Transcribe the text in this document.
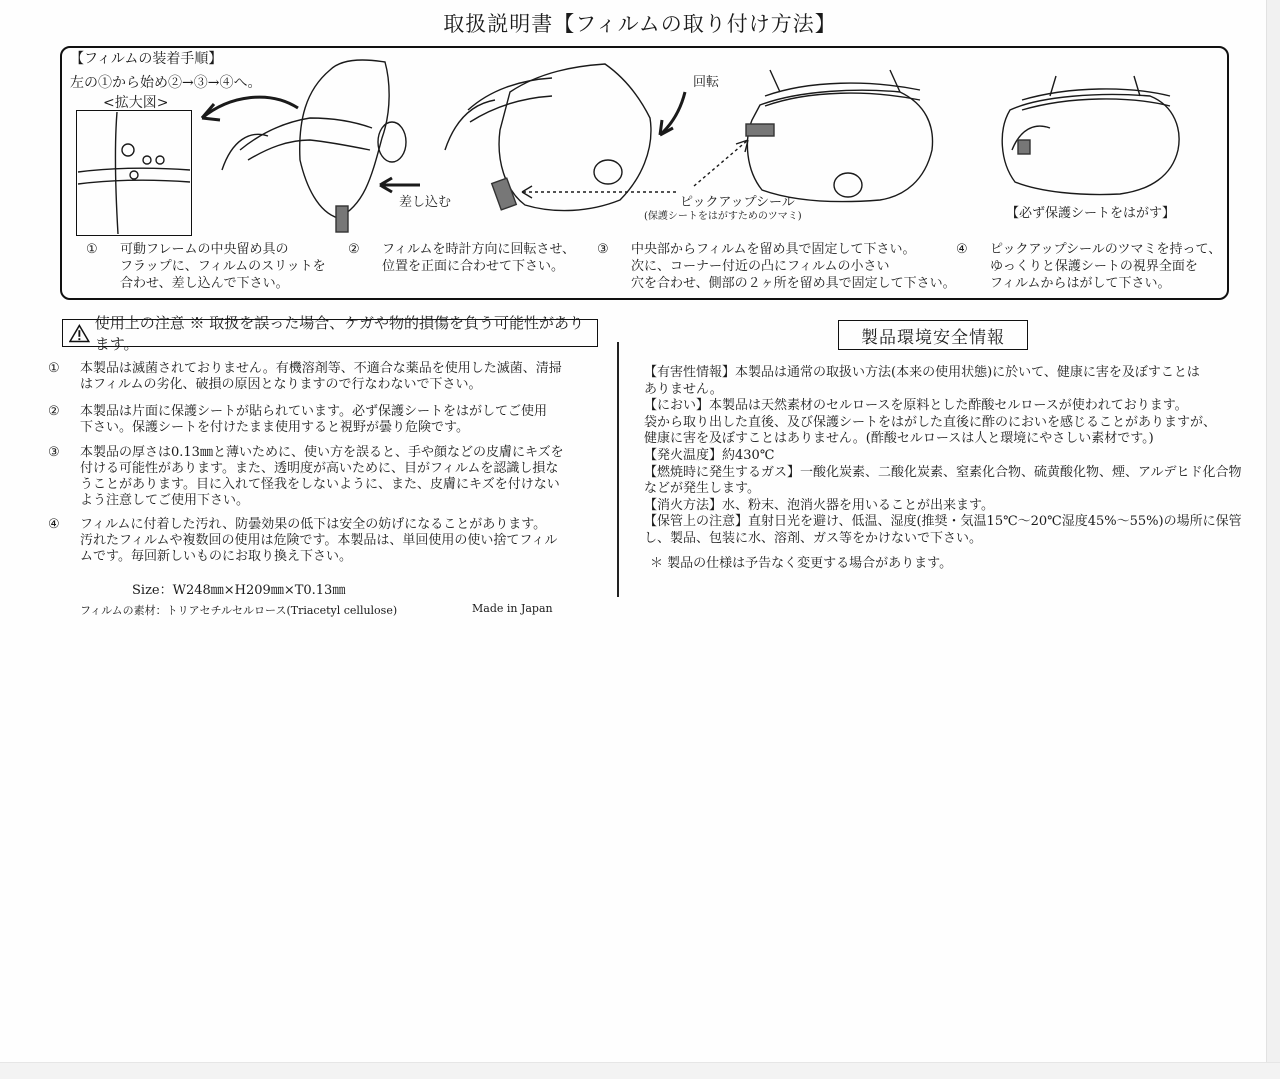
取扱説明書【フィルムの取り付け方法】
【フィルムの装着手順】
左の①から始め②→③→④へ。
<拡大図>
回転
差し込む	ピックアップシール
(保護シートをはがすためのツマミ)	【必ず保護シートをはがす】
① 可動フレームの中央留め具の
フラップに、フィルムのスリットを
合わせ、差し込んで下さい。
② フィルムを時計方向に回転させ、
位置を正面に合わせて下さい。
③ 中央部からフィルムを留め具で固定して下さい。
次に、コーナー付近の凸にフィルムの小さい
穴を合わせ、側部の２ヶ所を留め具で固定して下さい。
④ ピックアップシールのツマミを持って、
ゆっくりと保護シートの視界全面を
フィルムからはがして下さい。
使用上の注意 ※ 取扱を誤った場合、ケガや物的損傷を負う可能性があります。
① 本製品は滅菌されておりません。有機溶剤等、不適合な薬品を使用した滅菌、清掃
はフィルムの劣化、破損の原因となりますので行なわないで下さい。
② 本製品は片面に保護シートが貼られています。必ず保護シートをはがしてご使用
下さい。保護シートを付けたまま使用すると視野が曇り危険です。
③ 本製品の厚さは0.13㎜と薄いために、使い方を誤ると、手や顔などの皮膚にキズを
付ける可能性があります。また、透明度が高いために、目がフィルムを認識し損な
うことがあります。目に入れて怪我をしないように、また、皮膚にキズを付けない
よう注意してご使用下さい。
④ フィルムに付着した汚れ、防曇効果の低下は安全の妨げになることがあります。
汚れたフィルムや複数回の使用は危険です。本製品は、単回使用の使い捨てフィル
ムです。毎回新しいものにお取り換え下さい。
Size：W248㎜×H209㎜×T0.13㎜
フィルムの素材：トリアセチルセルロース(Triacetyl cellulose)	Made in Japan
製品環境安全情報
【有害性情報】本製品は通常の取扱い方法(本来の使用状態)に於いて、健康に害を及ぼすことは
ありません。
【におい】本製品は天然素材のセルロースを原料とした酢酸セルロースが使われております。
袋から取り出した直後、及び保護シートをはがした直後に酢のにおいを感じることがありますが、
健康に害を及ぼすことはありません。(酢酸セルロースは人と環境にやさしい素材です。)
【発火温度】約430℃
【燃焼時に発生するガス】一酸化炭素、二酸化炭素、窒素化合物、硫黄酸化物、煙、アルデヒド化合物
などが発生します。
【消火方法】水、粉末、泡消火器を用いることが出来ます。
【保管上の注意】直射日光を避け、低温、湿度(推奨・気温15℃～20℃湿度45%～55%)の場所に保管
し、製品、包装に水、溶剤、ガス等をかけないで下さい。
＊ 製品の仕様は予告なく変更する場合があります。
